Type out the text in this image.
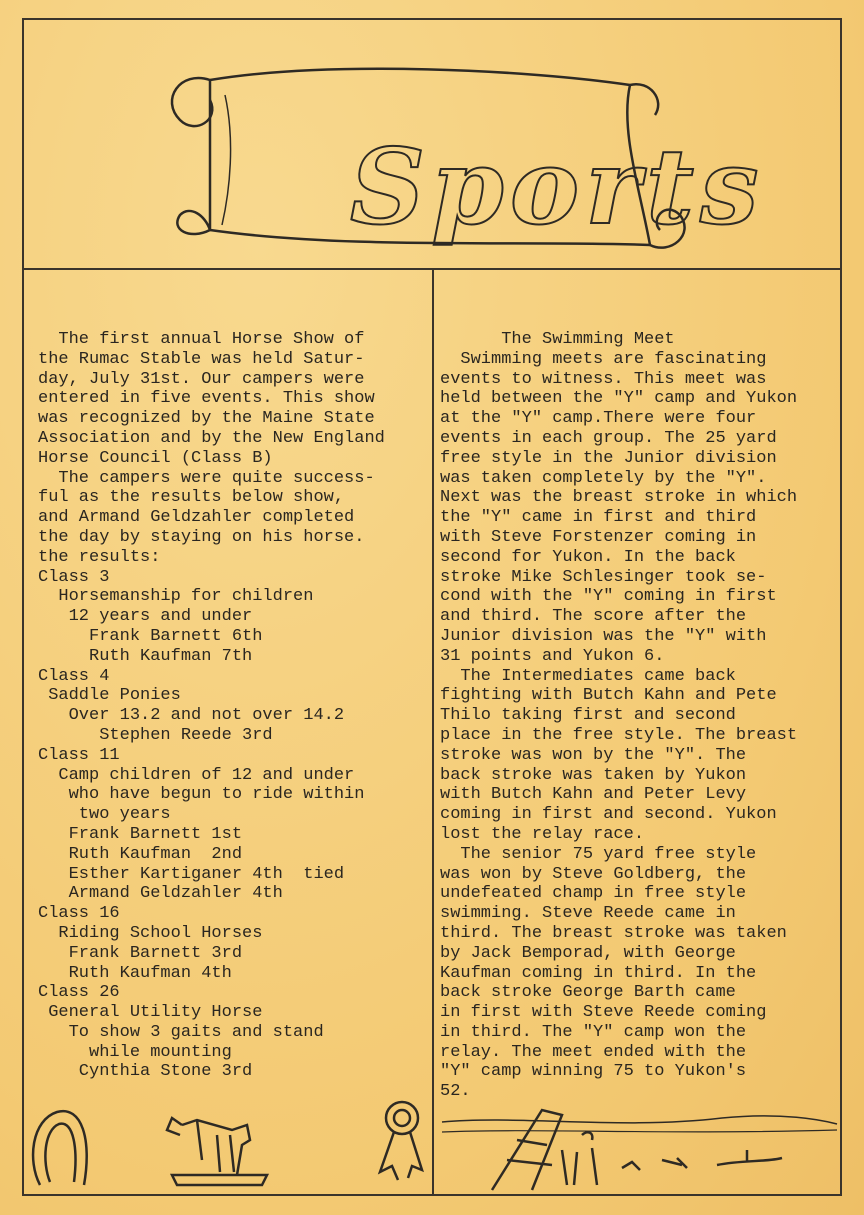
Sports
The first annual Horse Show of
the Rumac Stable was held Satur-
day, July 31st. Our campers were
entered in five events. This show
was recognized by the Maine State
Association and by the New England
Horse Council (Class B)
The campers were quite success-
ful as the results below show,
and Armand Geldzahler completed
the day by staying on his horse.
the results:
Class 3
Horsemanship for children
12 years and under
Frank Barnett 6th
Ruth Kaufman 7th
Class 4
Saddle Ponies
Over 13.2 and not over 14.2
Stephen Reede 3rd
Class 11
Camp children of 12 and under
who have begun to ride within
two years
Frank Barnett 1st
Ruth Kaufman  2nd
Esther Kartiganer 4th  tied
Armand Geldzahler 4th
Class 16
Riding School Horses
Frank Barnett 3rd
Ruth Kaufman 4th
Class 26
General Utility Horse
To show 3 gaits and stand
while mounting
Cynthia Stone 3rd
The Swimming Meet
Swimming meets are fascinating
events to witness. This meet was
held between the "Y" camp and Yukon
at the "Y" camp.There were four
events in each group. The 25 yard
free style in the Junior division
was taken completely by the "Y".
Next was the breast stroke in which
the "Y" came in first and third
with Steve Forstenzer coming in
second for Yukon. In the back
stroke Mike Schlesinger took se-
cond with the "Y" coming in first
and third. The score after the
Junior division was the "Y" with
31 points and Yukon 6.
The Intermediates came back
fighting with Butch Kahn and Pete
Thilo taking first and second
place in the free style. The breast
stroke was won by the "Y". The
back stroke was taken by Yukon
with Butch Kahn and Peter Levy
coming in first and second. Yukon
lost the relay race.
The senior 75 yard free style
was won by Steve Goldberg, the
undefeated champ in free style
swimming. Steve Reede came in
third. The breast stroke was taken
by Jack Bemporad, with George
Kaufman coming in third. In the
back stroke George Barth came
in first with Steve Reede coming
in third. The "Y" camp won the
relay. The meet ended with the
"Y" camp winning 75 to Yukon's
52.
